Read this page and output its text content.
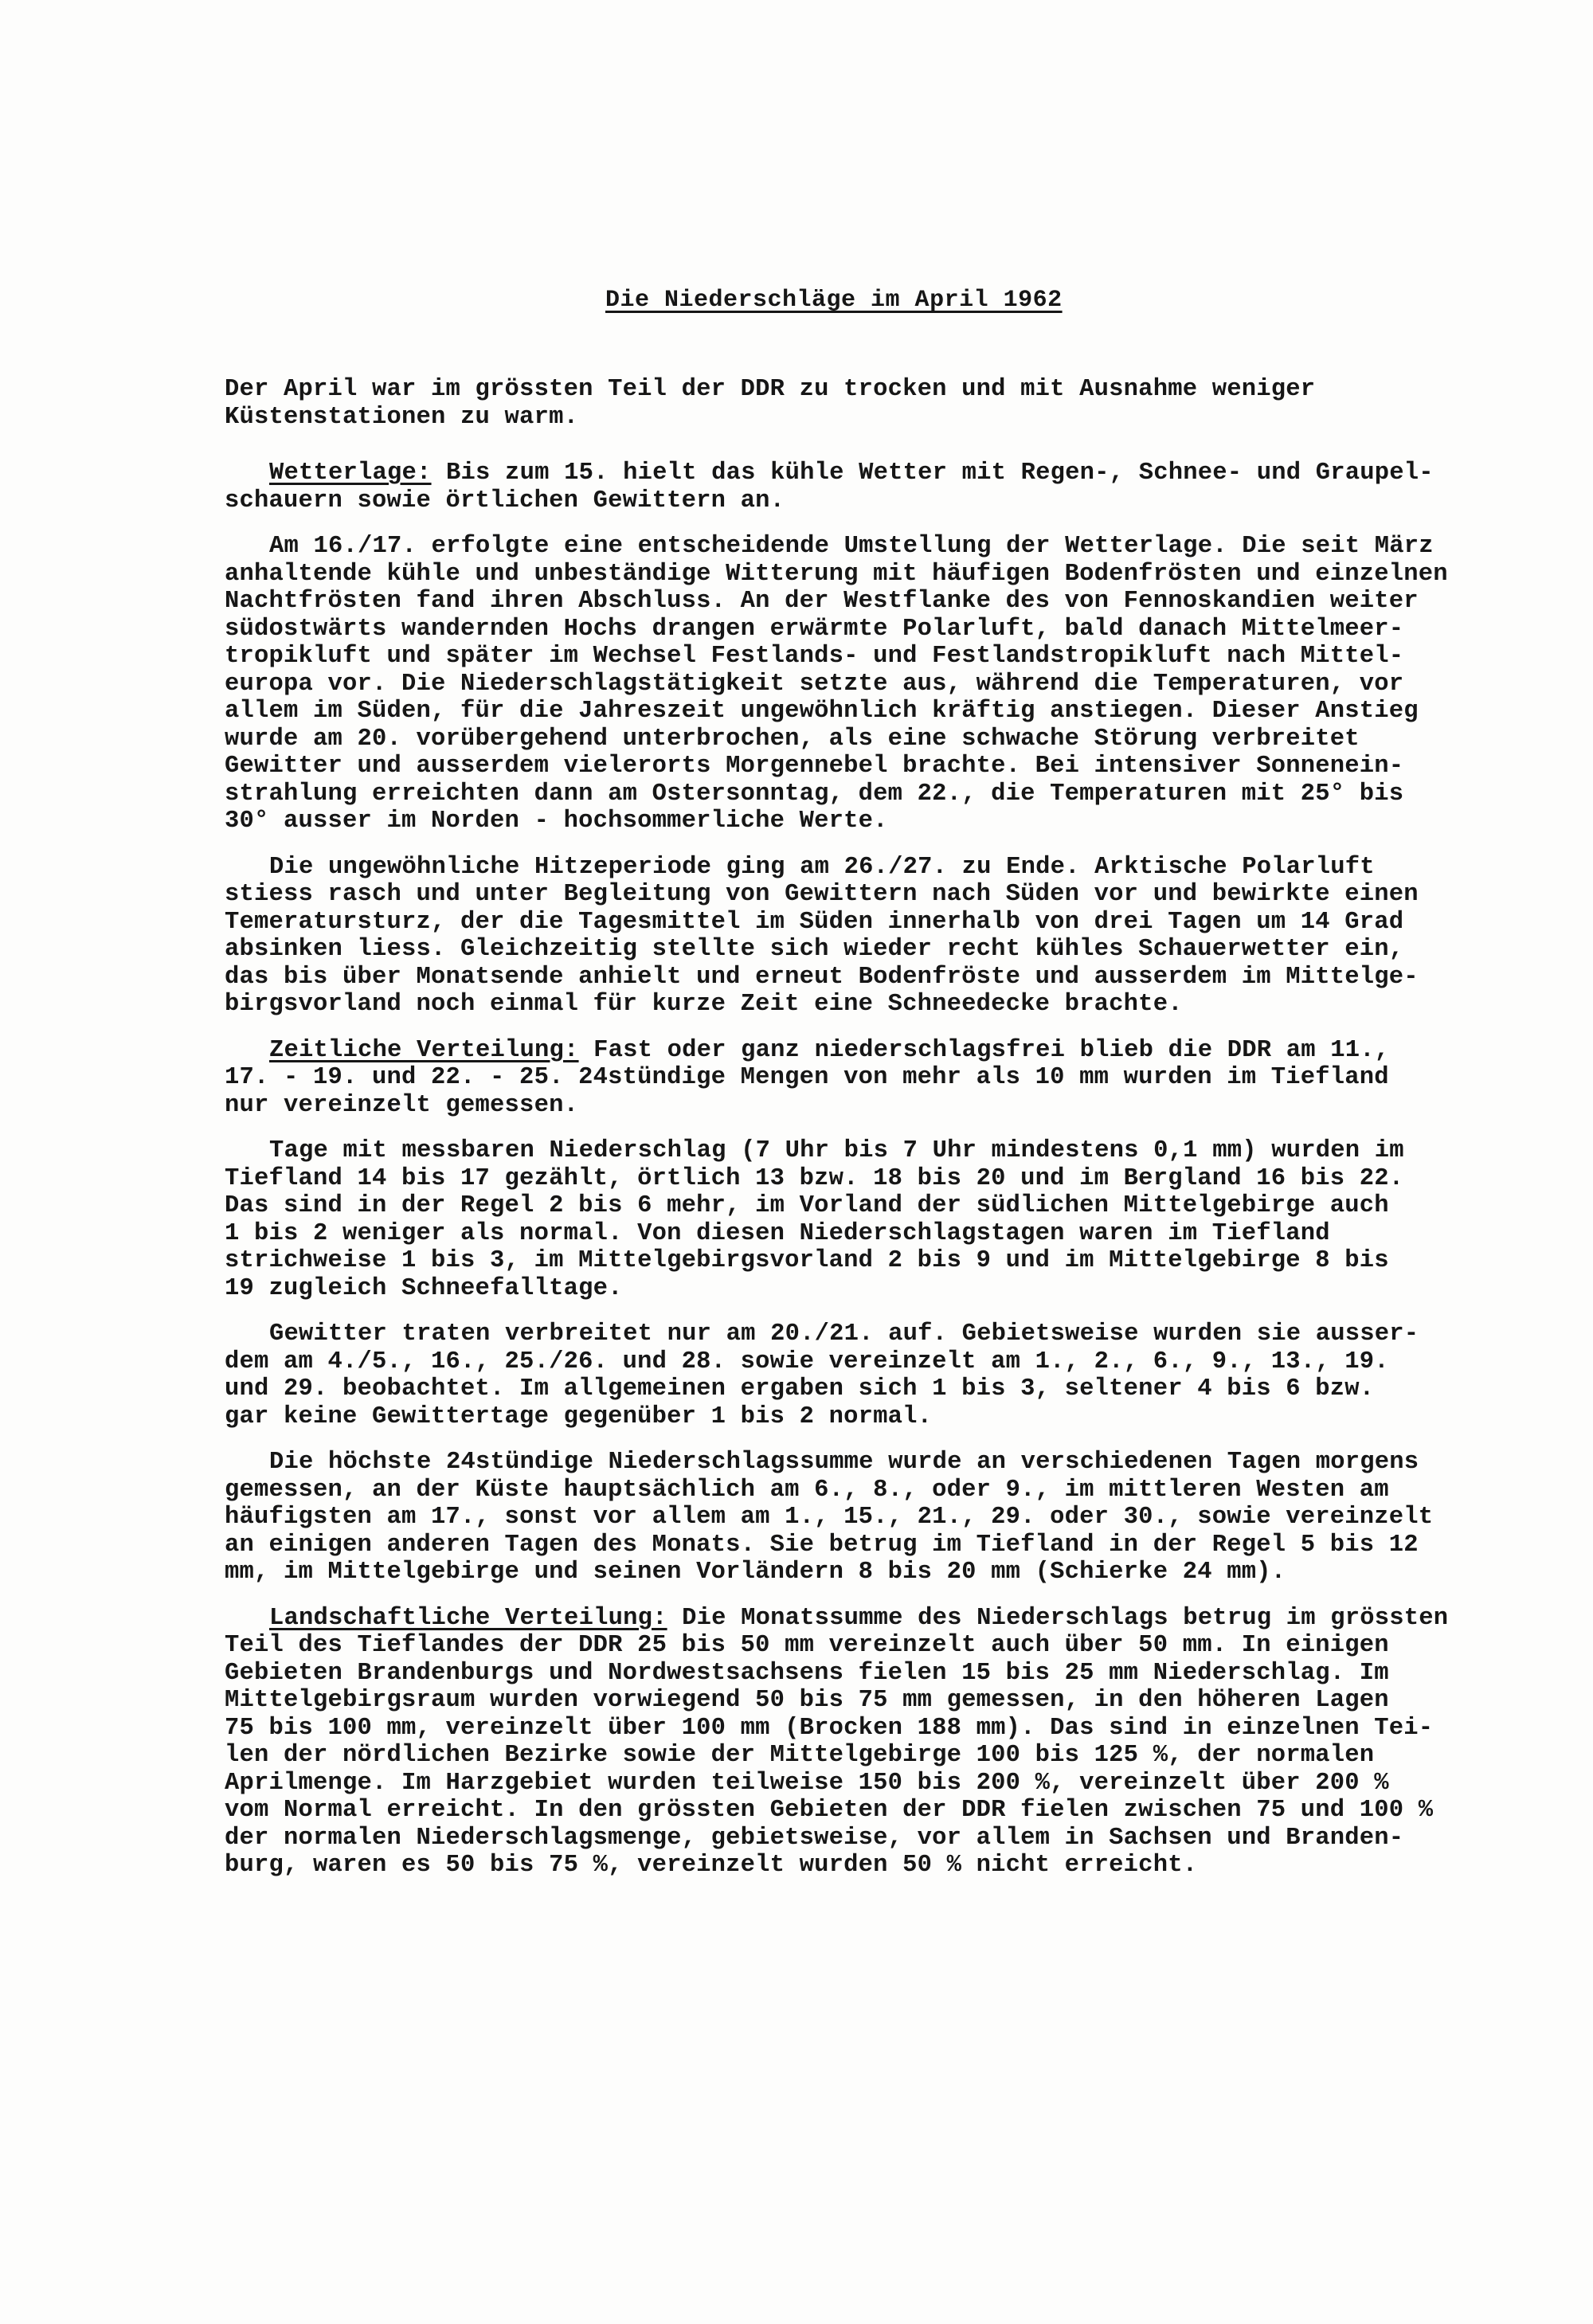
Die Niederschläge im April 1962
Der April war im grössten Teil der DDR zu trocken und mit Ausnahme weniger
Küstenstationen zu warm.
Wetterlage: Bis zum 15. hielt das kühle Wetter mit Regen-, Schnee- und Graupel-
schauern sowie örtlichen Gewittern an.
Am 16./17. erfolgte eine entscheidende Umstellung der Wetterlage. Die seit März
anhaltende kühle und unbeständige Witterung mit häufigen Bodenfrösten und einzelnen
Nachtfrösten fand ihren Abschluss. An der Westflanke des von Fennoskandien weiter
südostwärts wandernden Hochs drangen erwärmte Polarluft, bald danach Mittelmeer-
tropikluft und später im Wechsel Festlands- und Festlandstropikluft nach Mittel-
europa vor. Die Niederschlagstätigkeit setzte aus, während die Temperaturen, vor
allem im Süden, für die Jahreszeit ungewöhnlich kräftig anstiegen. Dieser Anstieg
wurde am 20. vorübergehend unterbrochen, als eine schwache Störung verbreitet
Gewitter und ausserdem vielerorts Morgennebel brachte. Bei intensiver Sonnenein-
strahlung erreichten dann am Ostersonntag, dem 22., die Temperaturen mit 25° bis
30° ausser im Norden - hochsommerliche Werte.
Die ungewöhnliche Hitzeperiode ging am 26./27. zu Ende. Arktische Polarluft
stiess rasch und unter Begleitung von Gewittern nach Süden vor und bewirkte einen
Temeratursturz, der die Tagesmittel im Süden innerhalb von drei Tagen um 14 Grad
absinken liess. Gleichzeitig stellte sich wieder recht kühles Schauerwetter ein,
das bis über Monatsende anhielt und erneut Bodenfröste und ausserdem im Mittelge-
birgsvorland noch einmal für kurze Zeit eine Schneedecke brachte.
Zeitliche Verteilung: Fast oder ganz niederschlagsfrei blieb die DDR am 11.,
17. - 19. und 22. - 25. 24stündige Mengen von mehr als 10 mm wurden im Tiefland
nur vereinzelt gemessen.
Tage mit messbaren Niederschlag (7 Uhr bis 7 Uhr mindestens 0,1 mm) wurden im
Tiefland 14 bis 17 gezählt, örtlich 13 bzw. 18 bis 20 und im Bergland 16 bis 22.
Das sind in der Regel 2 bis 6 mehr, im Vorland der südlichen Mittelgebirge auch
1 bis 2 weniger als normal. Von diesen Niederschlagstagen waren im Tiefland
strichweise 1 bis 3, im Mittelgebirgsvorland 2 bis 9 und im Mittelgebirge 8 bis
19 zugleich Schneefalltage.
Gewitter traten verbreitet nur am 20./21. auf. Gebietsweise wurden sie ausser-
dem am 4./5., 16., 25./26. und 28. sowie vereinzelt am 1., 2., 6., 9., 13., 19.
und 29. beobachtet. Im allgemeinen ergaben sich 1 bis 3, seltener 4 bis 6 bzw.
gar keine Gewittertage gegenüber 1 bis 2 normal.
Die höchste 24stündige Niederschlagssumme wurde an verschiedenen Tagen morgens
gemessen, an der Küste hauptsächlich am 6., 8., oder 9., im mittleren Westen am
häufigsten am 17., sonst vor allem am 1., 15., 21., 29. oder 30., sowie vereinzelt
an einigen anderen Tagen des Monats. Sie betrug im Tiefland in der Regel 5 bis 12
mm, im Mittelgebirge und seinen Vorländern 8 bis 20 mm (Schierke 24 mm).
Landschaftliche Verteilung: Die Monatssumme des Niederschlags betrug im grössten
Teil des Tieflandes der DDR 25 bis 50 mm vereinzelt auch über 50 mm. In einigen
Gebieten Brandenburgs und Nordwestsachsens fielen 15 bis 25 mm Niederschlag. Im
Mittelgebirgsraum wurden vorwiegend 50 bis 75 mm gemessen, in den höheren Lagen
75 bis 100 mm, vereinzelt über 100 mm (Brocken 188 mm). Das sind in einzelnen Tei-
len der nördlichen Bezirke sowie der Mittelgebirge 100 bis 125 %, der normalen
Aprilmenge. Im Harzgebiet wurden teilweise 150 bis 200 %, vereinzelt über 200 %
vom Normal erreicht. In den grössten Gebieten der DDR fielen zwischen 75 und 100 %
der normalen Niederschlagsmenge, gebietsweise, vor allem in Sachsen und Branden-
burg, waren es 50 bis 75 %, vereinzelt wurden 50 % nicht erreicht.
